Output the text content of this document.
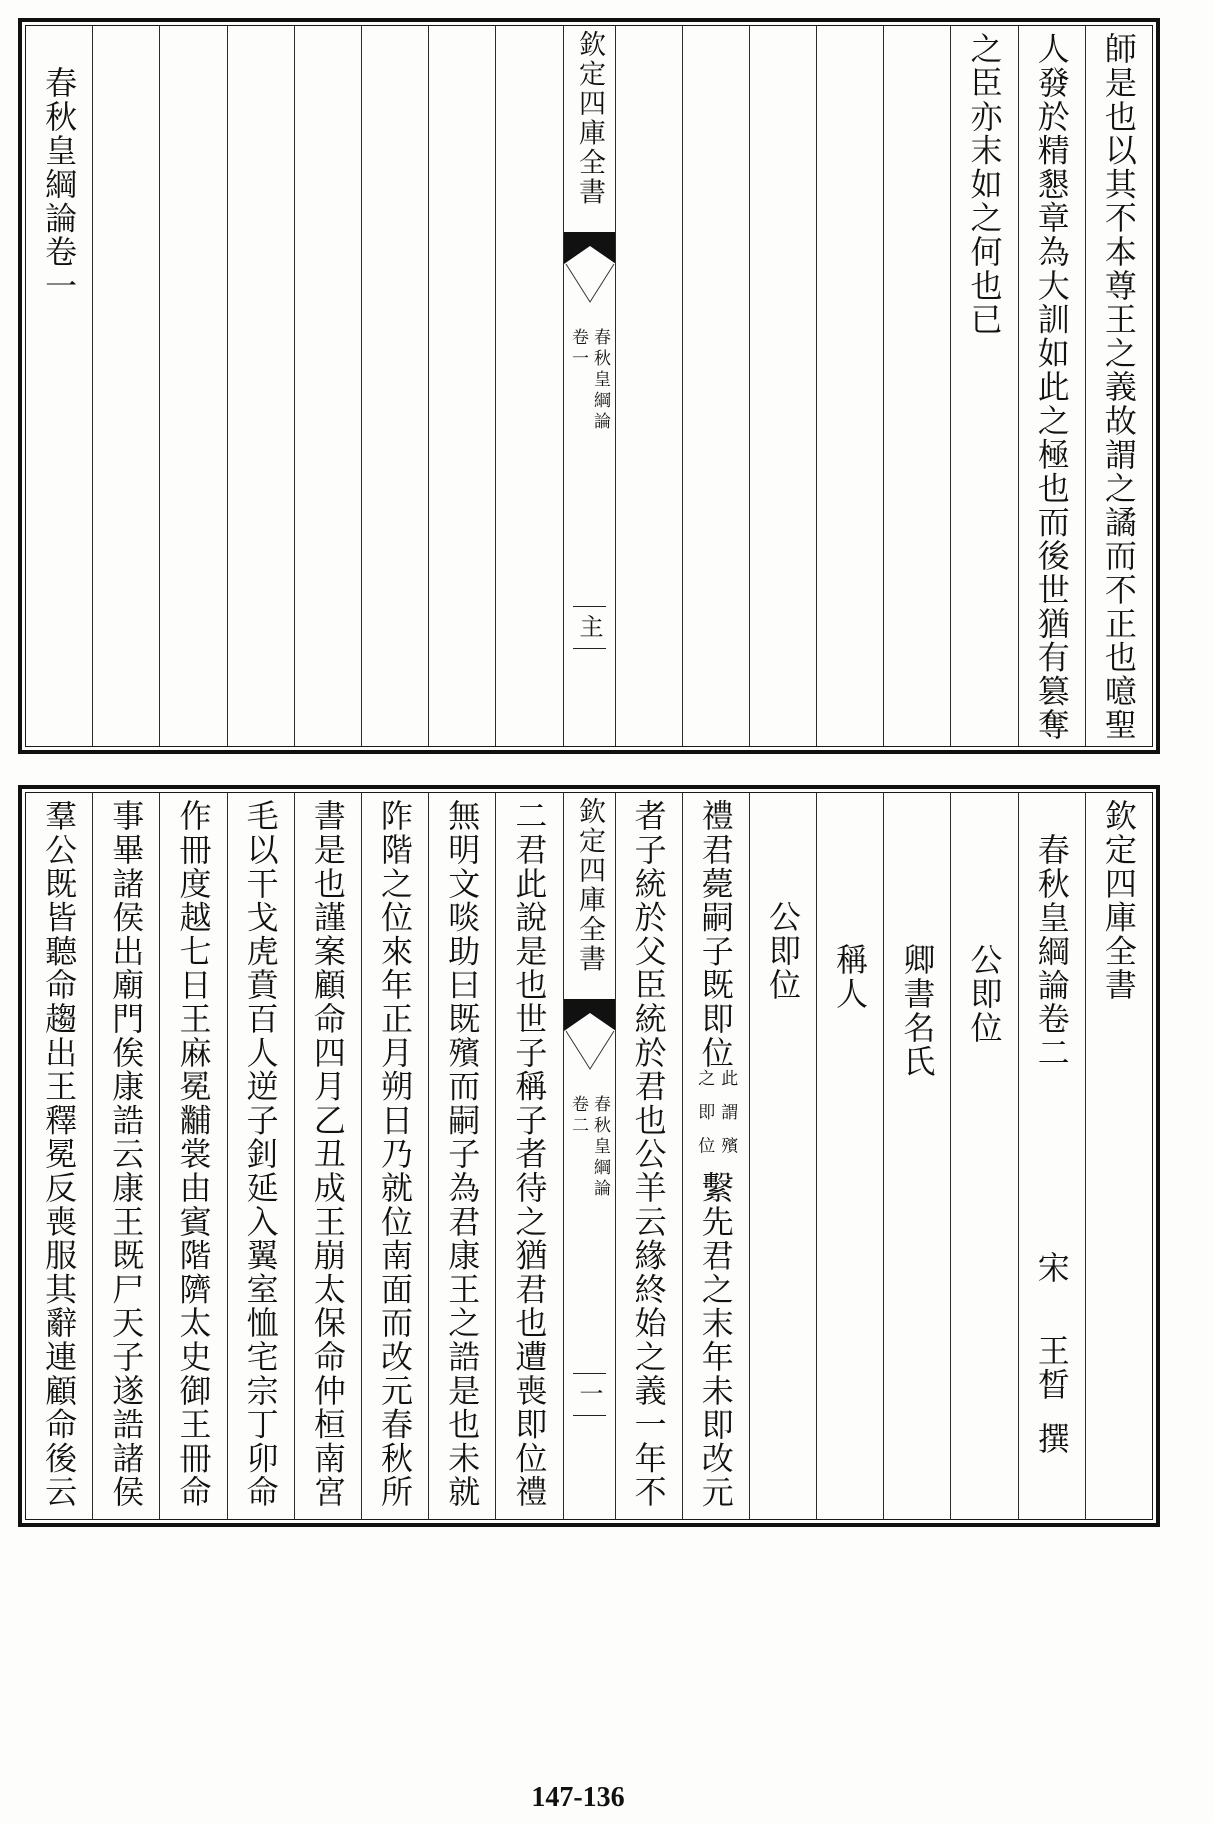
師是也以其不本尊王之義故謂之譎而不正也噫聖
人發於精懇章為大訓如此之極也而後世猶有篡奪
之臣亦末如之何也已
欽定四庫全書
春秋皇綱論
卷一
主
春秋皇綱論卷一
欽定四庫全書
春秋皇綱論卷二
宋
王晳
撰
公即位
卿書名氏
稱人
公即位
禮君薨嗣子既即位
此謂殯
之即位
繫先君之末年未即改元
者子統於父臣統於君也公羊云緣終始之義一年不
欽定四庫全書
春秋皇綱論
卷二
一
二君此說是也世子稱子者待之猶君也遭喪即位禮
無明文啖助曰既殯而嗣子為君康王之誥是也未就
阼階之位來年正月朔日乃就位南面而改元春秋所
書是也謹案顧命四月乙丑成王崩太保命仲桓南宮
毛以干戈虎賁百人逆子釗延入翼室恤宅宗丁卯命
作冊度越七日王麻冕黼裳由賓階隮太史御王冊命
事畢諸侯出廟門俟康誥云康王既尸天子遂誥諸侯
羣公既皆聽命趨出王釋冕反喪服其辭連顧命後云
147-136
